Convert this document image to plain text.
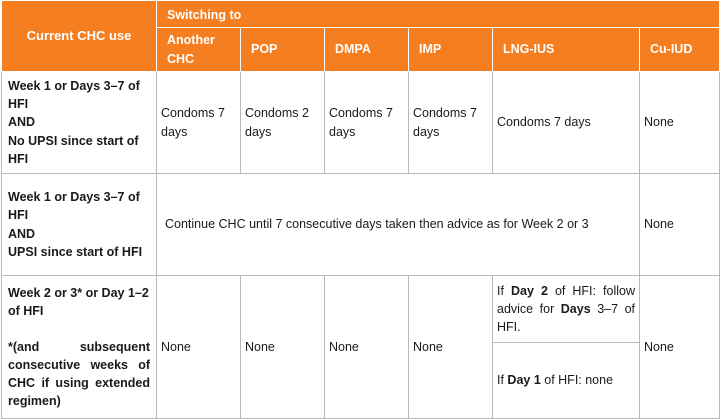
Current CHC use	Switching to					
	Another CHC	POP	DMPA	IMP	LNG-IUS	Cu-IUD
Week 1 or Days 3–7 of HFI
AND
No UPSI since start of HFI	Condoms 7 days	Condoms 2 days	Condoms 7 days	Condoms 7 days	Condoms 7 days	None
Week 1 or Days 3–7 of HFI
AND
UPSI since start of HFI	Continue CHC until 7 consecutive days taken then advice as for Week 2 or 3					None
Week 2 or 3* or Day 1–2 of HFI

*(and subsequent consecutive weeks of CHC if using extended regimen)	None	None	None	None	If Day 2 of HFI: follow advice for Days 3–7 of HFI.	None
					If Day 1 of HFI: none	
